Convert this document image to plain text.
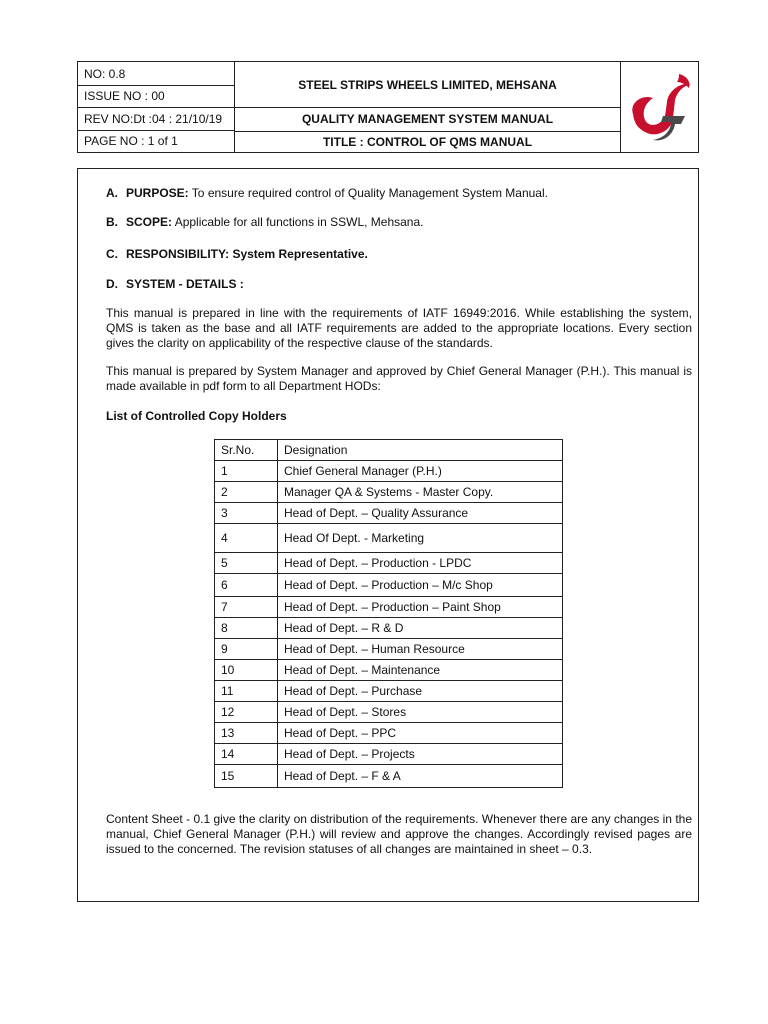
NO: 0.8
ISSUE NO : 00
REV NO:Dt :04 : 21/10/19
PAGE NO : 1 of 1
STEEL STRIPS WHEELS LIMITED, MEHSANA
QUALITY MANAGEMENT SYSTEM MANUAL
TITLE : CONTROL OF QMS MANUAL
A. PURPOSE: To ensure required control of Quality Management System Manual.
B. SCOPE: Applicable for all functions in SSWL, Mehsana.
C. RESPONSIBILITY: System Representative.
D. SYSTEM - DETAILS :
This manual is prepared in line with the requirements of IATF 16949:2016. While establishing the system, QMS is taken as the base and all IATF requirements are added to the appropriate locations. Every section gives the clarity on applicability of the respective clause of the standards.
This manual is prepared by System Manager and approved by Chief General Manager (P.H.). This manual is made available in pdf form to all Department HODs:
List of Controlled Copy Holders
Sr.No.	Designation
1	Chief General Manager (P.H.)
2	Manager QA & Systems - Master Copy.
3	Head of Dept. – Quality Assurance
4	Head Of Dept. - Marketing
5	Head of Dept. – Production - LPDC
6	Head of Dept. – Production – M/c Shop
7	Head of Dept. – Production – Paint Shop
8	Head of Dept. – R & D
9	Head of Dept. – Human Resource
10	Head of Dept. – Maintenance
11	Head of Dept. – Purchase
12	Head of Dept. – Stores
13	Head of Dept. – PPC
14	Head of Dept. – Projects
15	Head of Dept. – F & A
Content Sheet - 0.1 give the clarity on distribution of the requirements. Whenever there are any changes in the manual, Chief General Manager (P.H.) will review and approve the changes. Accordingly revised pages are issued to the concerned. The revision statuses of all changes are maintained in sheet – 0.3.
